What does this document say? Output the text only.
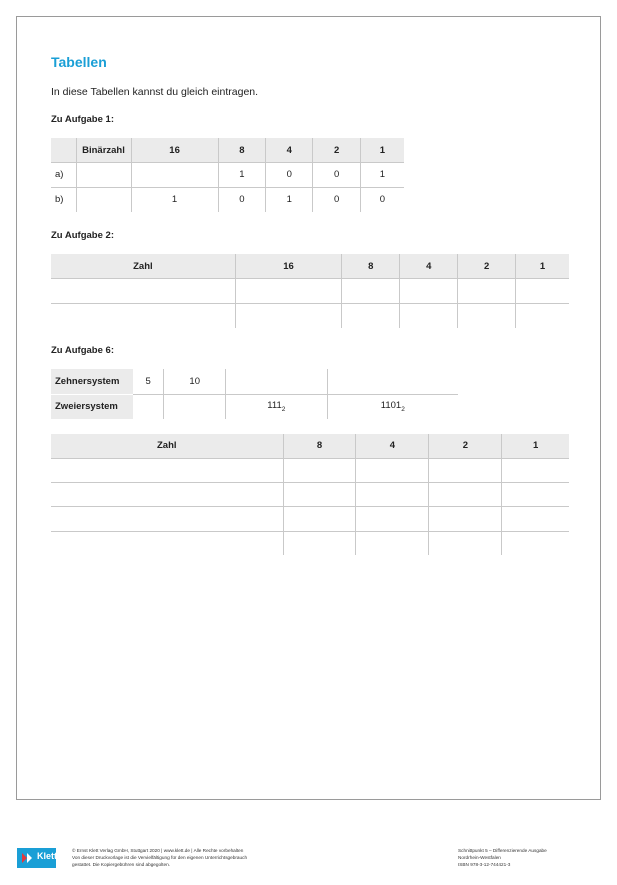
Tabellen
In diese Tabellen kannst du gleich eintragen.
Zu Aufgabe 1:
	Binärzahl	16	8	4	2	1
a)			1	0	0	1
b)		1	0	1	0	0
Zu Aufgabe 2:
Zahl	16	8	4	2	1

Zu Aufgabe 6:
Zehnersystem	5	10		
Zweiersystem			$111_2$	$1101_2$
Zahl	8	4	2	1

Klett
© Ernst Klett Verlag GmbH, Stuttgart 2020 | www.klett.de | Alle Rechte vorbehalten
Von dieser Druckvorlage ist die Vervielfältigung für den eigenen Unterrichtsgebrauch
gestattet. Die Kopiergebühren sind abgegolten.
Schnittpunkt 5 – Differenzierende Ausgabe
Nordrhein-Westfalen
ISBN 978-3-12-744421-3
